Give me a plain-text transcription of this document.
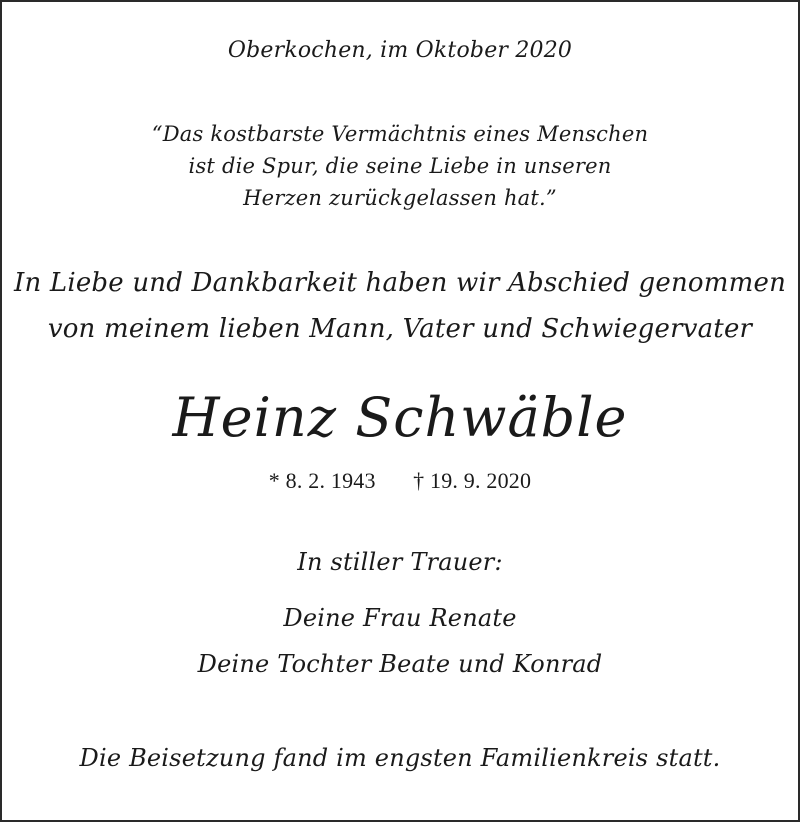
Oberkochen, im Oktober 2020
“Das kostbarste Vermächtnis eines Menschen
ist die Spur, die seine Liebe in unseren
Herzen zurückgelassen hat.”
In Liebe und Dankbarkeit haben wir Abschied genommen
von meinem lieben Mann, Vater und Schwiegervater
Heinz Schwäble
* 8. 2. 1943 † 19. 9. 2020
In stiller Trauer:
Deine Frau Renate
Deine Tochter Beate und Konrad
Die Beisetzung fand im engsten Familienkreis statt.
